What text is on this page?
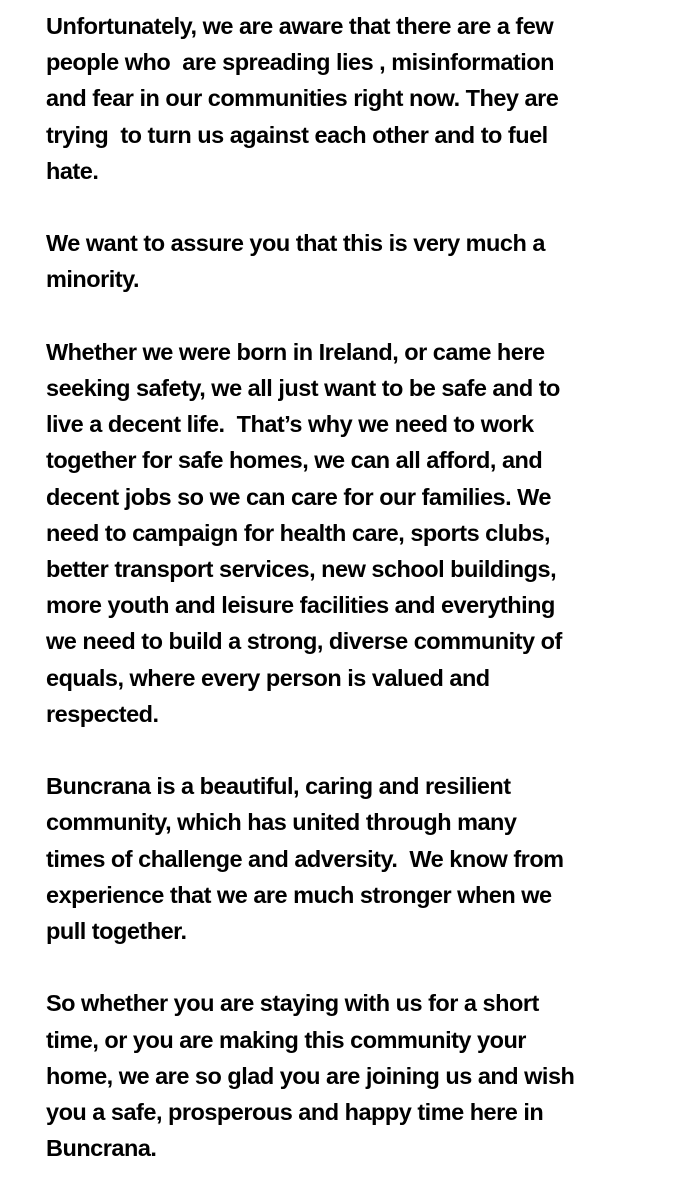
Unfortunately, we are aware that there are a few
people who  are spreading lies , misinformation
and fear in our communities right now. They are
trying  to turn us against each other and to fuel
hate.

We want to assure you that this is very much a
minority.

Whether we were born in Ireland, or came here
seeking safety, we all just want to be safe and to
live a decent life.  That’s why we need to work
together for safe homes, we can all afford, and
decent jobs so we can care for our families. We
need to campaign for health care, sports clubs,
better transport services, new school buildings,
more youth and leisure facilities and everything
we need to build a strong, diverse community of
equals, where every person is valued and
respected.

Buncrana is a beautiful, caring and resilient
community, which has united through many
times of challenge and adversity.  We know from
experience that we are much stronger when we
pull together.

So whether you are staying with us for a short
time, or you are making this community your
home, we are so glad you are joining us and wish
you a safe, prosperous and happy time here in
Buncrana.
